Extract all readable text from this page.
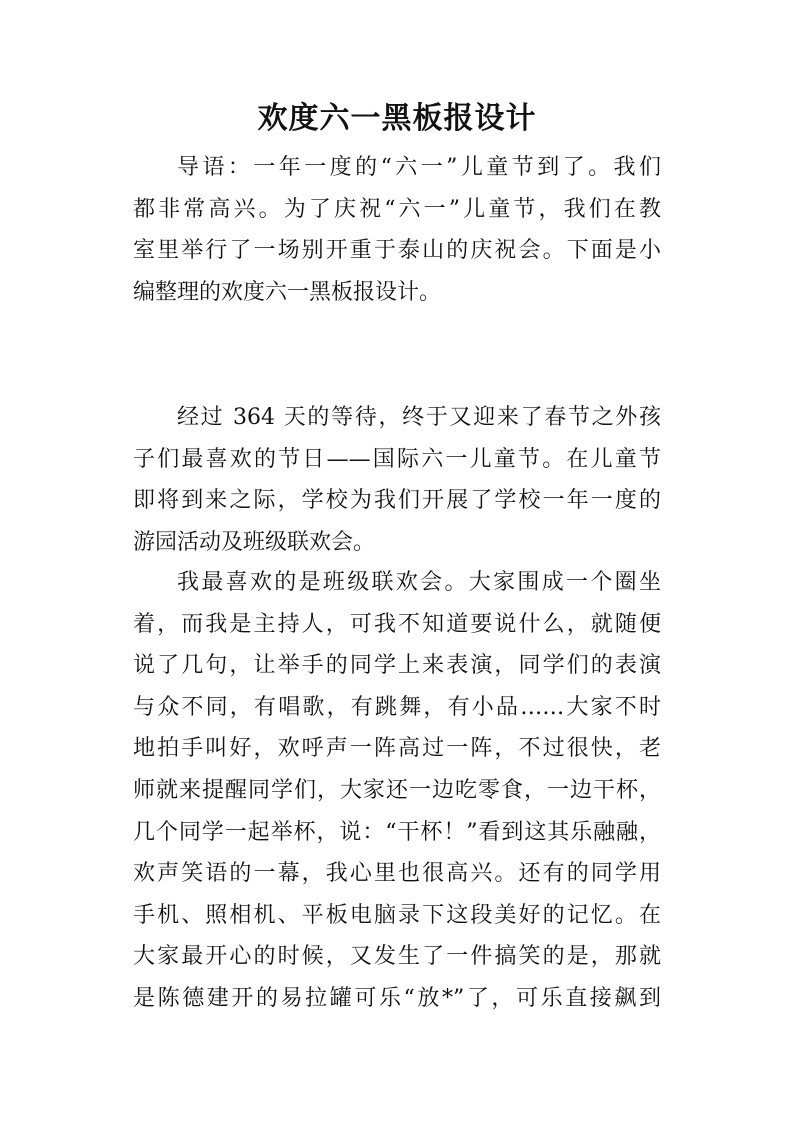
欢度六一黑板报设计
导语：一年一度的“六一”儿童节到了。我们
都非常高兴。为了庆祝“六一”儿童节，我们在教
室里举行了一场别开重于泰山的庆祝会。下面是小
编整理的欢度六一黑板报设计。
经过 364 天的等待，终于又迎来了春节之外孩
子们最喜欢的节日——国际六一儿童节。在儿童节
即将到来之际，学校为我们开展了学校一年一度的
游园活动及班级联欢会。
我最喜欢的是班级联欢会。大家围成一个圈坐
着，而我是主持人，可我不知道要说什么，就随便
说了几句，让举手的同学上来表演，同学们的表演
与众不同，有唱歌，有跳舞，有小品……大家不时
地拍手叫好，欢呼声一阵高过一阵，不过很快，老
师就来提醒同学们，大家还一边吃零食，一边干杯，
几个同学一起举杯，说：“干杯！”看到这其乐融融，
欢声笑语的一幕，我心里也很高兴。还有的同学用
手机、照相机、平板电脑录下这段美好的记忆。在
大家最开心的时候，又发生了一件搞笑的是，那就
是陈德建开的易拉罐可乐“放*”了，可乐直接飙到
